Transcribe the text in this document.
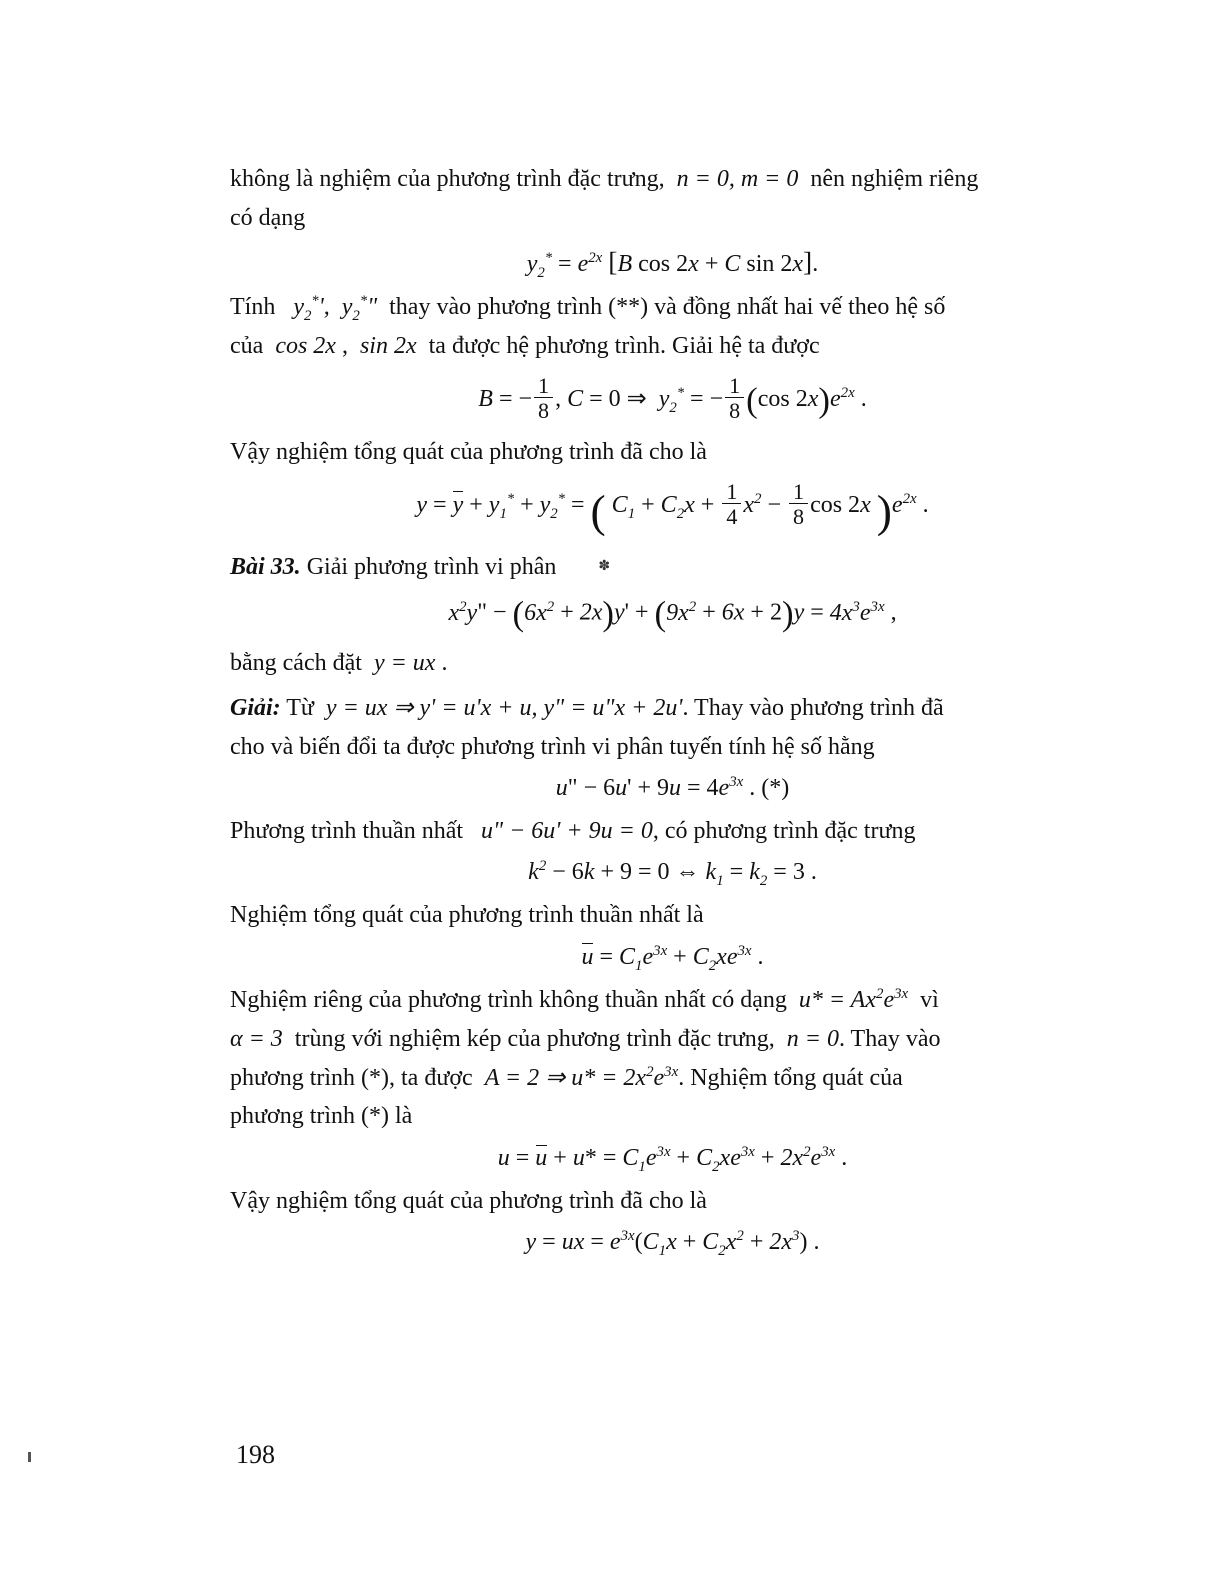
không là nghiệm của phương trình đặc trưng,  n = 0, m = 0  nên nghiệm riêng
có dạng

$y_2^* = e^{2x}$ [B cos 2x + C sin 2x].

Tính   $y_2^*'$,  $y_2^*$"  thay vào phương trình (**) và đồng nhất hai vế theo hệ số
của  cos 2x ,  sin 2x  ta được hệ phương trình. Giải hệ ta được

B = − $\frac{1}{8}$ , C = 0 ⇒  $y_2^*$ = − $\frac{1}{8} (\cos$ $2x)e^{2x}$ .

Vậy nghiệm tổng quát của phương trình đã cho là

$y = y + y_1^* + y_2^*$ = ( $C_1 + C_2x + \frac{1}{4} x^2 - \frac{1}{8}$ cos 2x )$e^{2x}$ .

Bài 33. Giải phương trình vi phân	✽

$x^2y$" − $(6x^2 + 2x)y' + (9x^2 + 6x + 2)y = 4x^3e^{3x}$ ,

bằng cách đặt  y = ux .

Giải: Từ  y = ux ⇒ y' = u'x + u, y" = u"x + 2u'. Thay vào phương trình đã
cho và biến đổi ta được phương trình vi phân tuyến tính hệ số hằng

u" − $6u' + 9u = 4e^{3x}$ . (*)

Phương trình thuần nhất   u" − 6u' + 9u = 0, có phương trình đặc trưng

$k^2 - 6k + 9 = 0$ ⇔ $k_1 = k_2 = 3$ .

Nghiệm tổng quát của phương trình thuần nhất là

$u = C_1e^{3x} + C_2xe^{3x}$ .

Nghiệm riêng của phương trình không thuần nhất có dạng  $u* = Ax^2e^{3x}$ vì
α = 3  trùng với nghiệm kép của phương trình đặc trưng,  n = 0. Thay vào
phương trình (*), ta được  A = 2 ⇒ $u* = 2x^2e^{3x}$. Nghiệm tổng quát của
phương trình (*) là

$u = u + u* = C_1e^{3x} + C_2xe^{3x} + 2x^2e^{3x}$ .

Vậy nghiệm tổng quát của phương trình đã cho là

y = ux = $e^{3x}(C_1x + C_2x^2 + 2x^3)$ .
198
